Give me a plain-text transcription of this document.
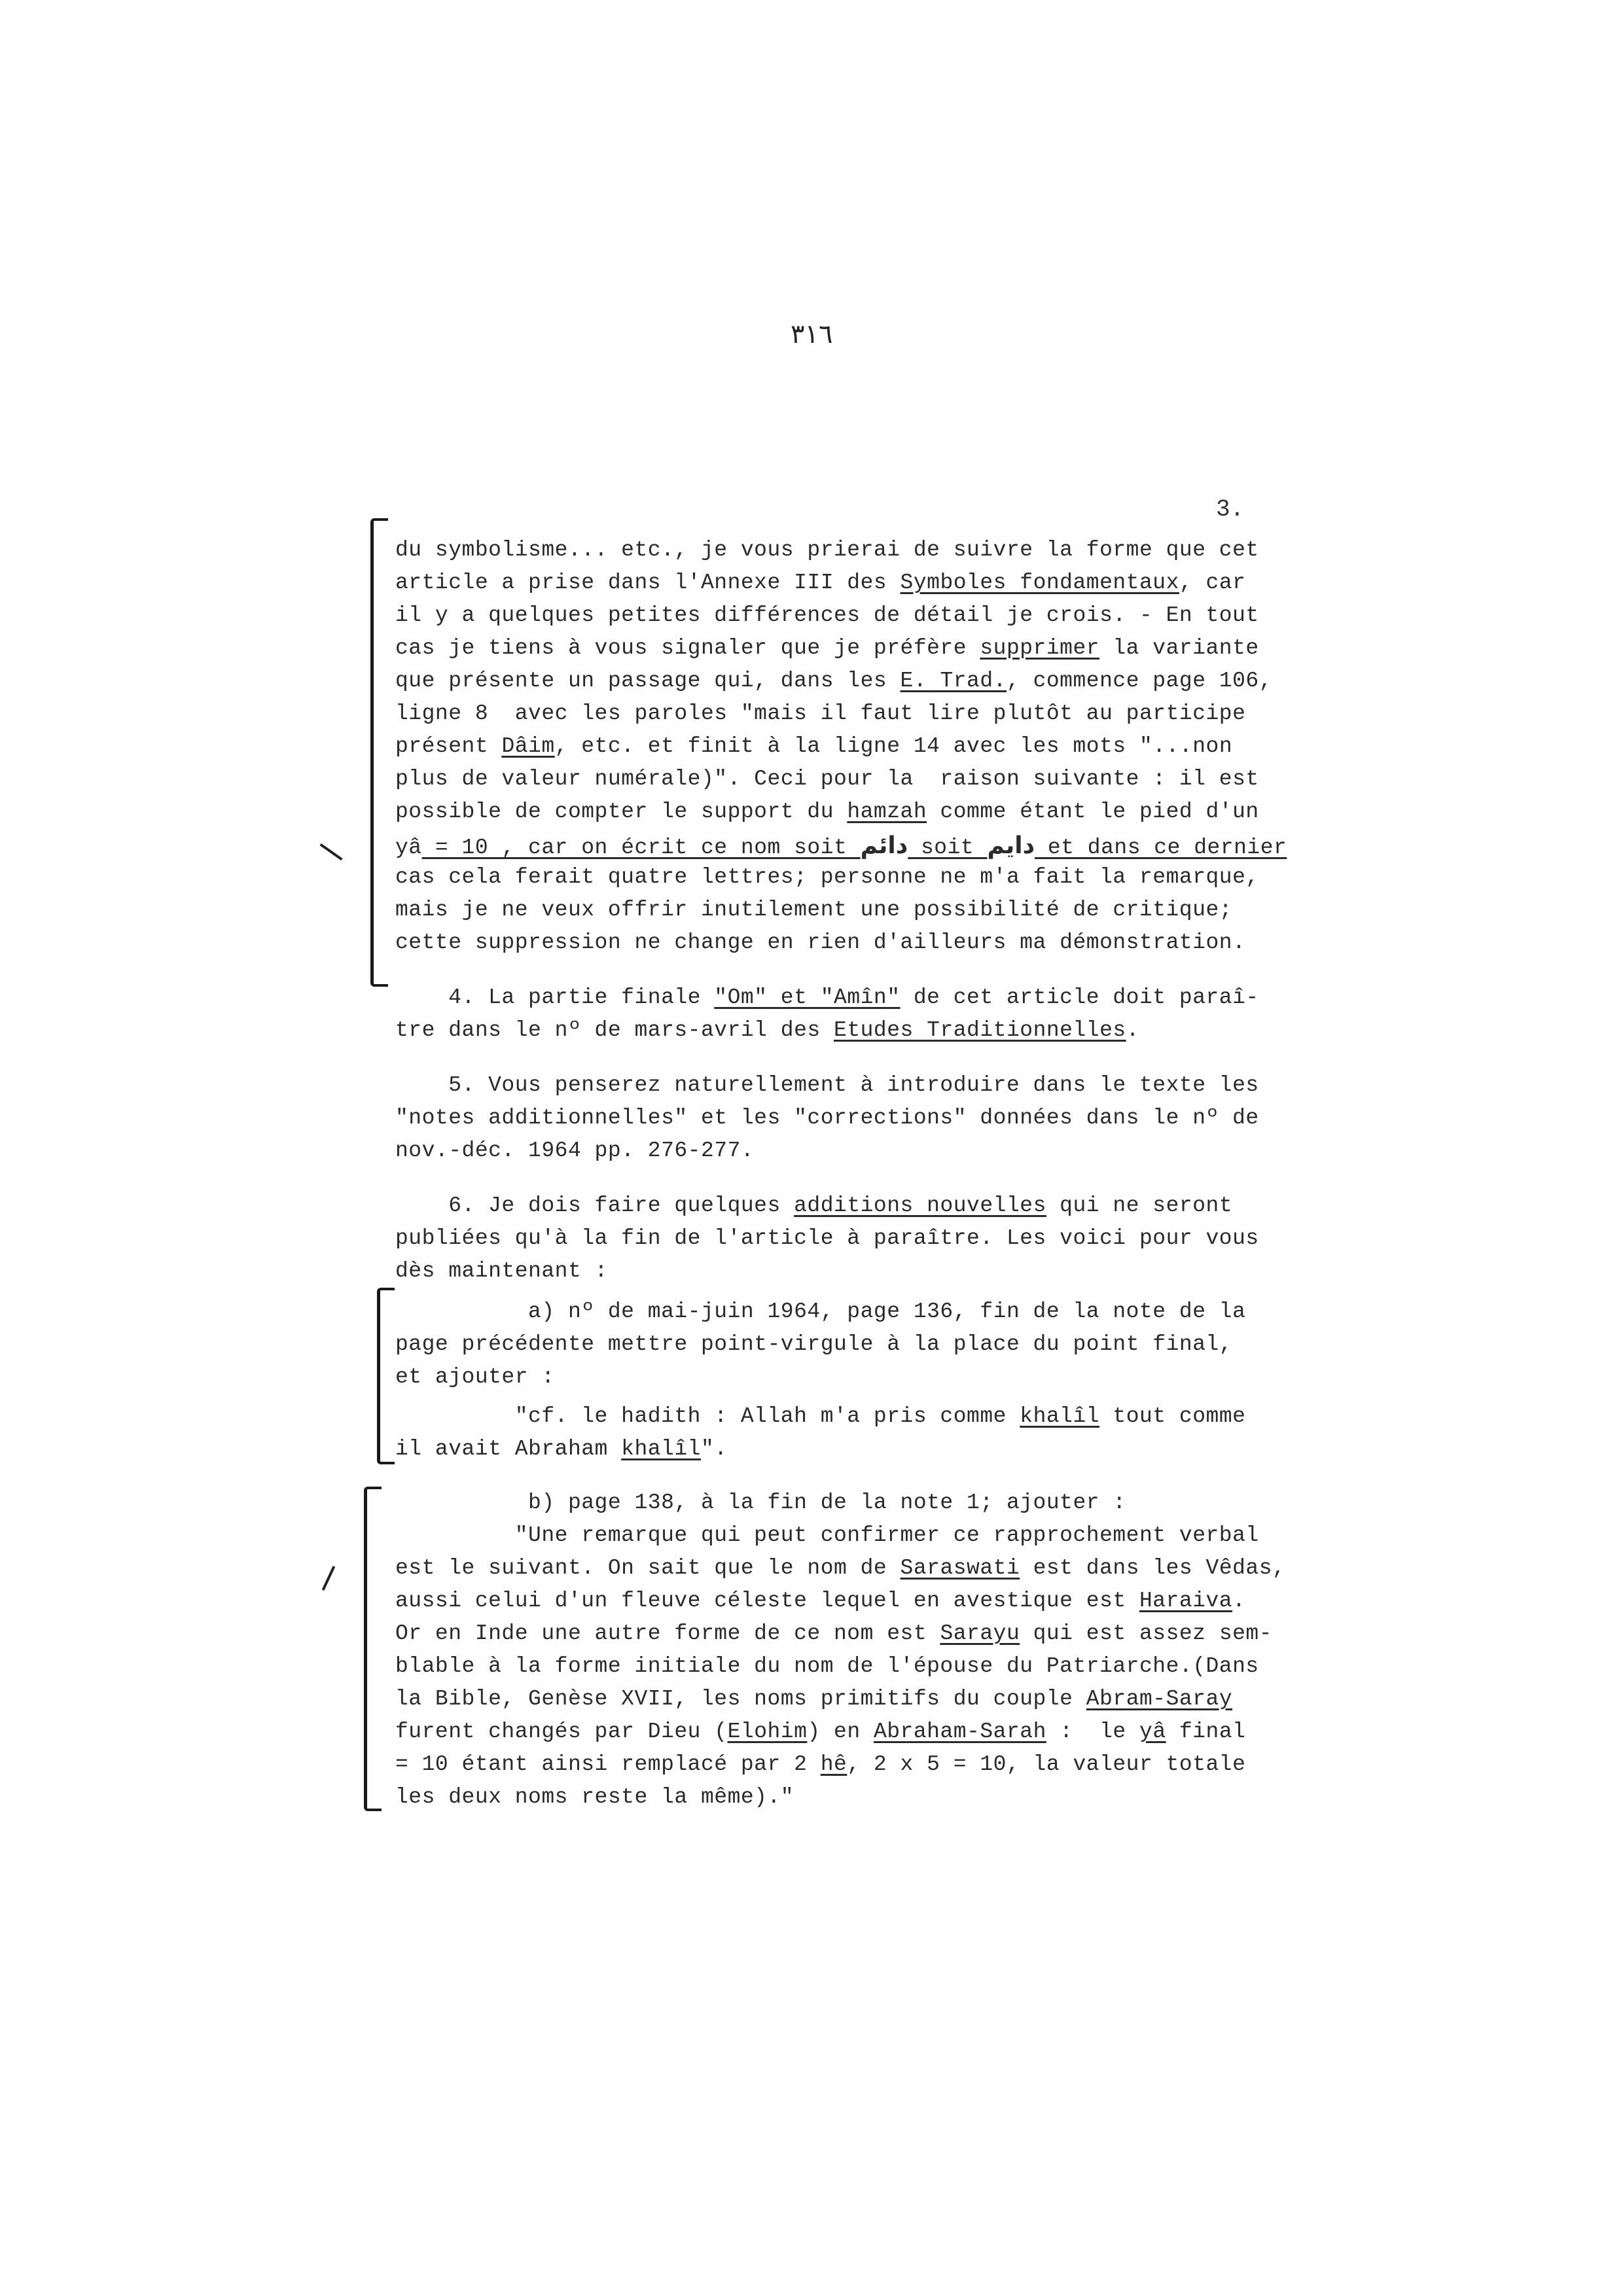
٣١٦
3.
du symbolisme... etc., je vous prierai de suivre la forme que cet
article a prise dans l'Annexe III des Symboles fondamentaux, car
il y a quelques petites différences de détail je crois. - En tout
cas je tiens à vous signaler que je préfère supprimer la variante
que présente un passage qui, dans les E. Trad., commence page 106,
ligne 8  avec les paroles "mais il faut lire plutôt au participe
présent Dâim, etc. et finit à la ligne 14 avec les mots "...non
plus de valeur numérale)". Ceci pour la  raison suivante : il est
possible de compter le support du hamzah comme étant le pied d'un
yâ = 10 , car on écrit ce nom soit دائم soit دايم et dans ce dernier
cas cela ferait quatre lettres; personne ne m'a fait la remarque,
mais je ne veux offrir inutilement une possibilité de critique;
cette suppression ne change en rien d'ailleurs ma démonstration.
4. La partie finale "Om" et "Amîn" de cet article doit paraî-
tre dans le nº de mars-avril des Etudes Traditionnelles.
5. Vous penserez naturellement à introduire dans le texte les
"notes additionnelles" et les "corrections" données dans le nº de
nov.-déc. 1964 pp. 276-277.
6. Je dois faire quelques additions nouvelles qui ne seront
publiées qu'à la fin de l'article à paraître. Les voici pour vous
dès maintenant :
a) nº de mai-juin 1964, page 136, fin de la note de la
page précédente mettre point-virgule à la place du point final,
et ajouter :
"cf. le hadith : Allah m'a pris comme khalîl tout comme
il avait Abraham khalîl".
b) page 138, à la fin de la note 1; ajouter :
"Une remarque qui peut confirmer ce rapprochement verbal
est le suivant. On sait que le nom de Saraswati est dans les Vêdas,
aussi celui d'un fleuve céleste lequel en avestique est Haraiva.
Or en Inde une autre forme de ce nom est Sarayu qui est assez sem-
blable à la forme initiale du nom de l'épouse du Patriarche.(Dans
la Bible, Genèse XVII, les noms primitifs du couple Abram-Saray
furent changés par Dieu (Elohim) en Abraham-Sarah :  le yâ final
= 10 étant ainsi remplacé par 2 hê, 2 x 5 = 10, la valeur totale
les deux noms reste la même)."
